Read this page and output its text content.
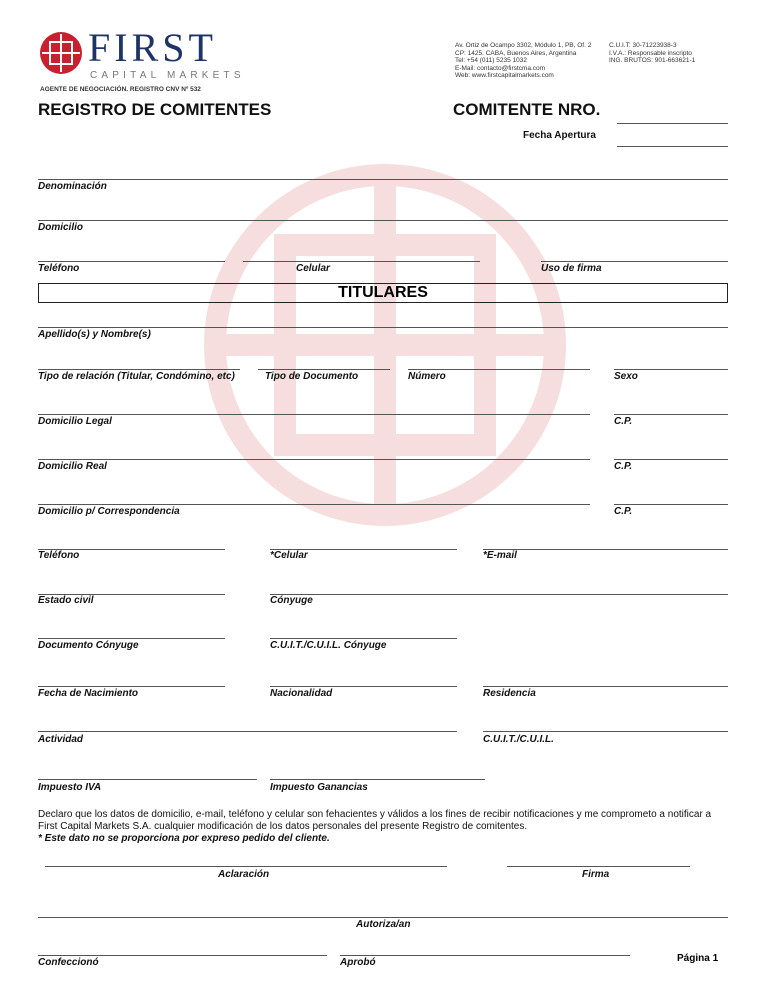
FIRST
CAPITAL MARKETS
AGENTE DE NEGOCIACIÓN. REGISTRO CNV Nº 532
Av. Ortiz de Ocampo 3302, Módulo 1, PB, Of. 2
CP: 1425. CABA, Buenos Aires, Argentina
Tel: +54 (011) 5235 1032
E-Mail: contacto@firstcma.com
Web: www.firstcapitalmarkets.com
C.U.I.T: 30-71223938-3
I.V.A.: Responsable inscripto
ING. BRUTOS: 901-663621-1
REGISTRO DE COMITENTES	COMITENTE NRO.
Fecha Apertura
Denominación
Domicilio
Teléfono	Celular	Uso de firma
TITULARES
Apellido(s) y Nombre(s)
Tipo de relación (Titular, Condómino, etc)	Tipo de Documento	Número	Sexo
Domicilio Legal	C.P.
Domicilio Real	C.P.
Domicilio p/ Correspondencia	C.P.
Teléfono	*Celular	*E-mail
Estado civil	Cónyuge
Documento Cónyuge	C.U.I.T./C.U.I.L. Cónyuge
Fecha de Nacimiento	Nacionalidad	Residencia
Actividad	C.U.I.T./C.U.I.L.
Impuesto IVA	Impuesto Ganancias
Declaro que los datos de domicilio, e-mail, teléfono y celular son fehacientes y válidos a los fines de recibir notificaciones y me comprometo a notificar a First Capital Markets S.A. cualquier modificación de los datos personales del presente Registro de comitentes.
* Este dato no se proporciona por expreso pedido del cliente.
Aclaración	Firma
Autoriza/an
Confeccionó	Aprobó	Página 1
